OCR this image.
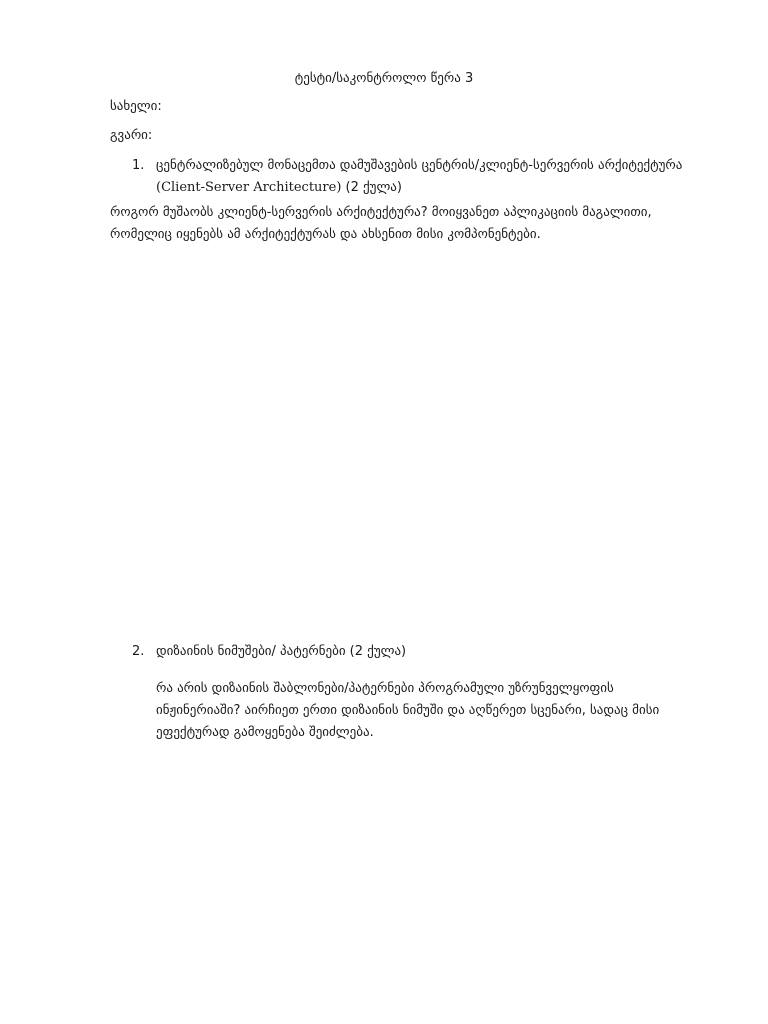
ტესტი/საკონტროლო წერა 3
სახელი:
გვარი:
1. ცენტრალიზებულ მონაცემთა დამუშავების ცენტრის/კლიენტ-სერვერის არქიტექტურა (Client-Server Architecture) (2 ქულა)
როგორ მუშაობს კლიენტ-სერვერის არქიტექტურა? მოიყვანეთ აპლიკაციის მაგალითი, რომელიც იყენებს ამ არქიტექტურას და ახსენით მისი კომპონენტები.
2. დიზაინის ნიმუშები/ პატერნები (2 ქულა)
რა არის დიზაინის შაბლონები/პატერნები პროგრამული უზრუნველყოფის ინჟინერიაში? აირჩიეთ ერთი დიზაინის ნიმუში და აღწერეთ სცენარი, სადაც მისი ეფექტურად გამოყენება შეიძლება.
